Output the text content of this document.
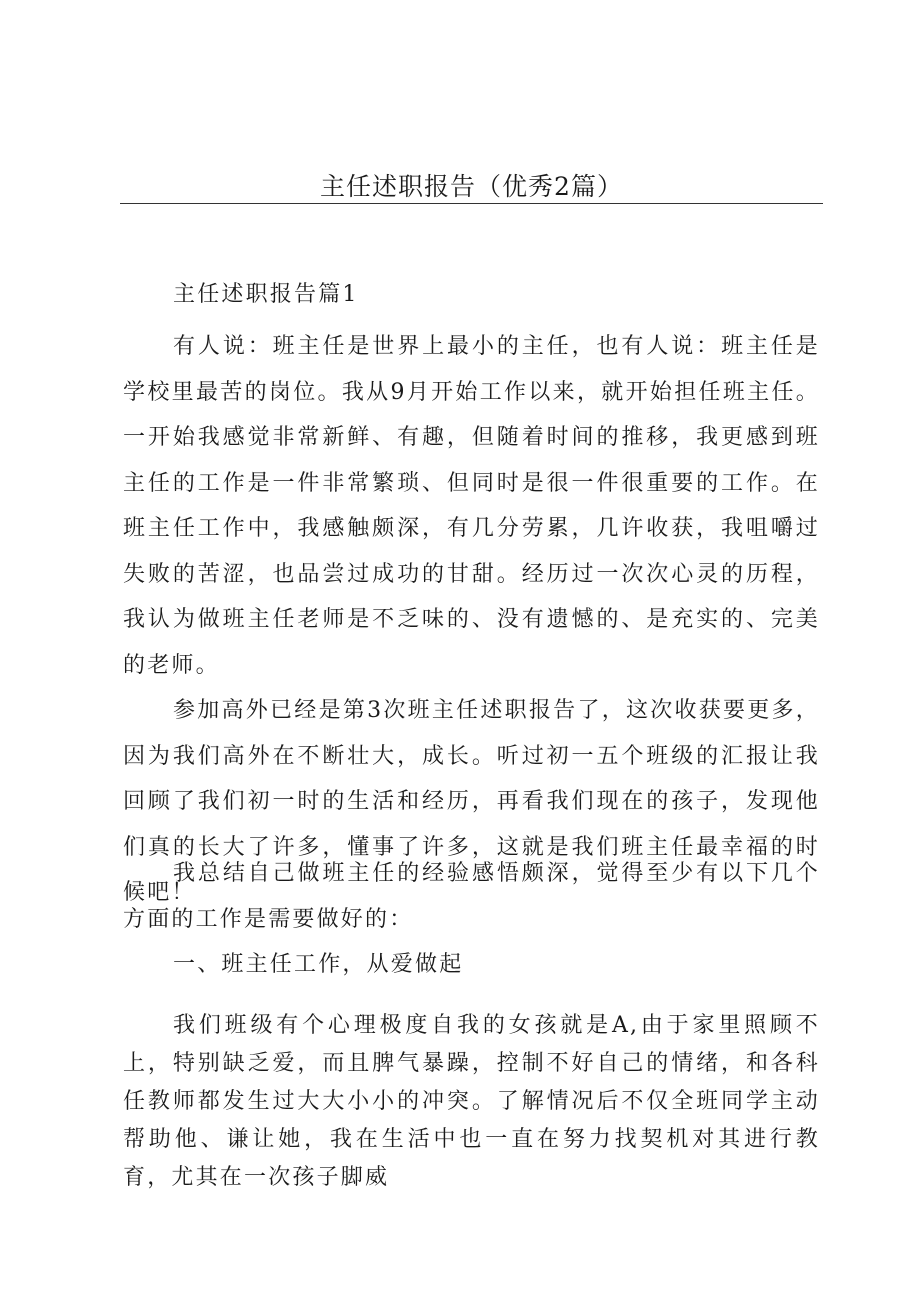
主任述职报告（优秀2篇）

主任述职报告篇1

有人说：班主任是世界上最小的主任，也有人说：班主任是学校里最苦的岗位。我从9月开始工作以来，就开始担任班主任。一开始我感觉非常新鲜、有趣，但随着时间的推移，我更感到班主任的工作是一件非常繁琐、但同时是很一件很重要的工作。在班主任工作中，我感触颇深，有几分劳累，几许收获，我咀嚼过失败的苦涩，也品尝过成功的甘甜。经历过一次次心灵的历程，我认为做班主任老师是不乏味的、没有遗憾的、是充实的、完美的老师。

参加高外已经是第3次班主任述职报告了，这次收获要更多，因为我们高外在不断壮大，成长。听过初一五个班级的汇报让我回顾了我们初一时的生活和经历，再看我们现在的孩子，发现他们真的长大了许多，懂事了许多，这就是我们班主任最幸福的时候吧！

我总结自己做班主任的经验感悟颇深，觉得至少有以下几个方面的工作是需要做好的：

一、班主任工作，从爱做起

我们班级有个心理极度自我的女孩就是A,由于家里照顾不上，特别缺乏爱，而且脾气暴躁，控制不好自己的情绪，和各科任教师都发生过大大小小的冲突。了解情况后不仅全班同学主动帮助他、谦让她，我在生活中也一直在努力找契机对其进行教育，尤其在一次孩子脚威
